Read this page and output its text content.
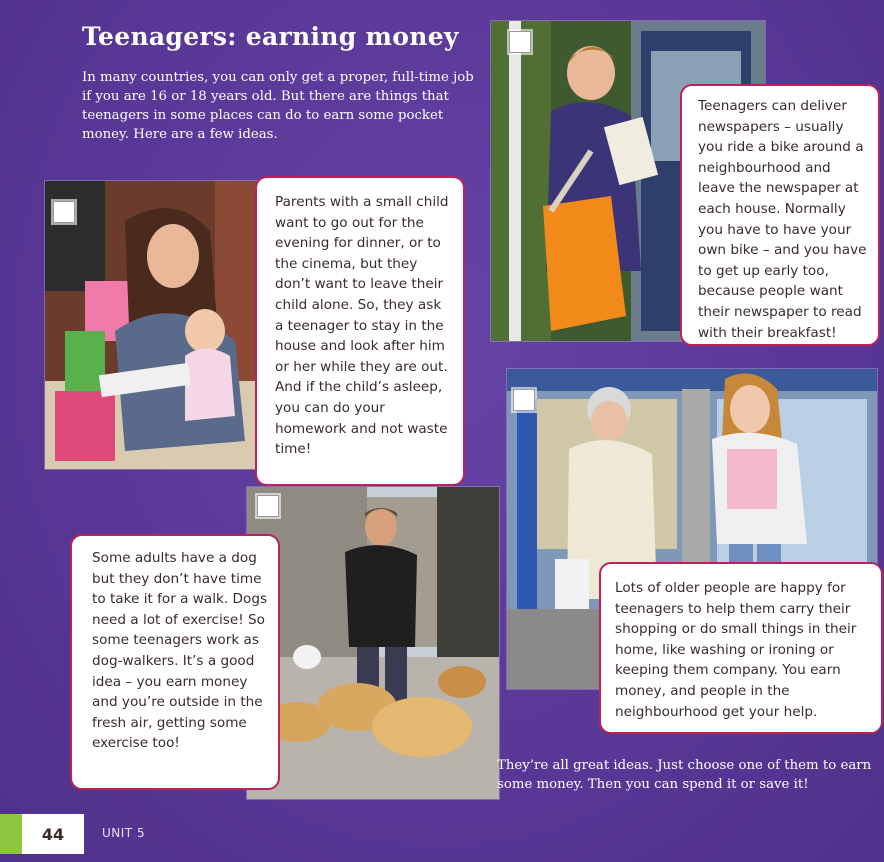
Teenagers: earning money

In many countries, you can only get a proper, full-time job if you are 16 or 18 years old. But there are things that teenagers in some places can do to earn some pocket money. Here are a few ideas.

Teenagers can deliver newspapers – usually you ride a bike around a neighbourhood and leave the newspaper at each house. Normally you have to have your own bike – and you have to get up early too, because people want their newspaper to read with their breakfast!

Parents with a small child want to go out for the evening for dinner, or to the cinema, but they don’t want to leave their child alone. So, they ask a teenager to stay in the house and look after him or her while they are out. And if the child’s asleep, you can do your homework and not waste time!

Lots of older people are happy for teenagers to help them carry their shopping or do small things in their home, like washing or ironing or keeping them company. You earn money, and people in the neighbourhood get your help.

Some adults have a dog but they don’t have time to take it for a walk. Dogs need a lot of exercise! So some teenagers work as dog-walkers. It’s a good idea – you earn money and you’re outside in the fresh air, getting some exercise too!

They’re all great ideas. Just choose one of them to earn some money. Then you can spend it or save it!

44	UNIT 5
